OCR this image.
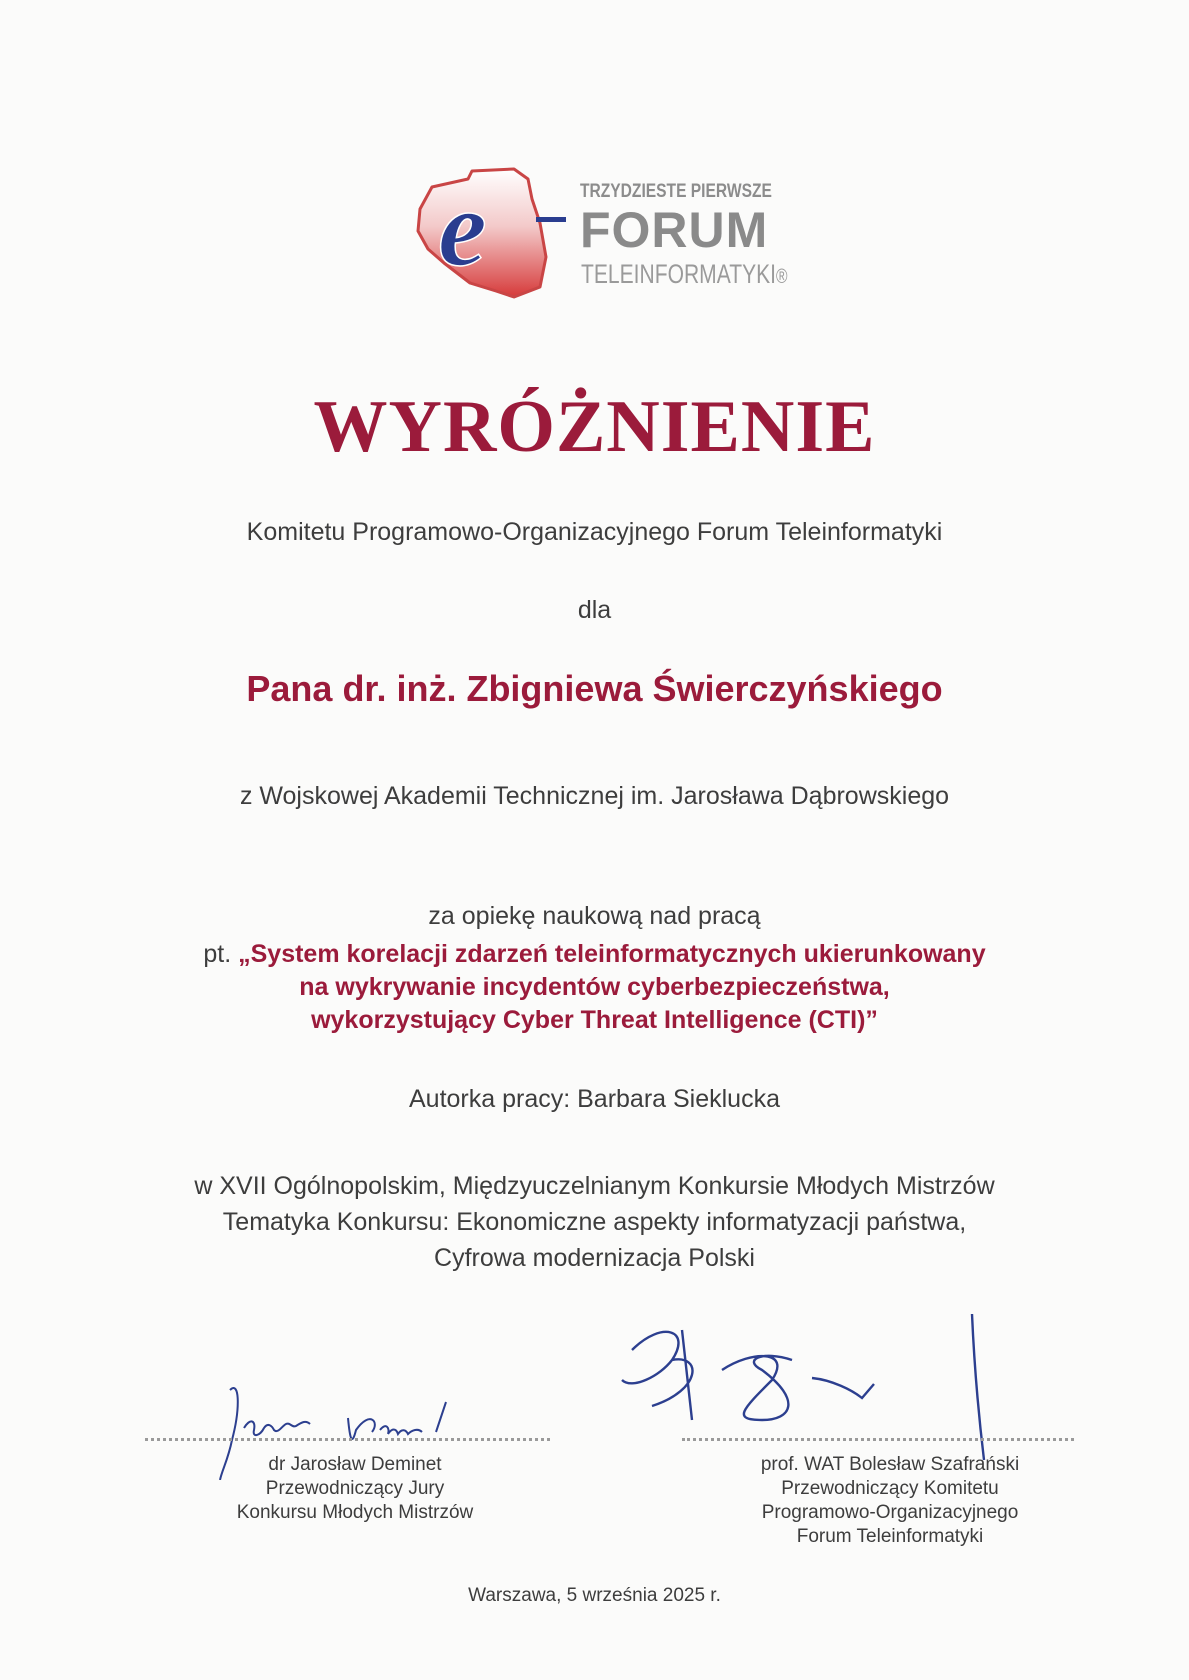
e	TRZYDZIESTE PIERWSZE
FORUM
TELEINFORMATYKI®
WYRÓŻNIENIE
Komitetu Programowo-Organizacyjnego Forum Teleinformatyki
dla
Pana dr. inż. Zbigniewa Świerczyńskiego
z Wojskowej Akademii Technicznej im. Jarosława Dąbrowskiego
za opiekę naukową nad pracą
pt. „System korelacji zdarzeń teleinformatycznych ukierunkowany
na wykrywanie incydentów cyberbezpieczeństwa,
wykorzystujący Cyber Threat Intelligence (CTI)”
Autorka pracy: Barbara Sieklucka
w XVII Ogólnopolskim, Międzyuczelnianym Konkursie Młodych Mistrzów
Tematyka Konkursu: Ekonomiczne aspekty informatyzacji państwa,
Cyfrowa modernizacja Polski
dr Jarosław Deminet
Przewodniczący Jury
Konkursu Młodych Mistrzów
prof. WAT Bolesław Szafrański
Przewodniczący Komitetu
Programowo-Organizacyjnego
Forum Teleinformatyki
Warszawa, 5 września 2025 r.
